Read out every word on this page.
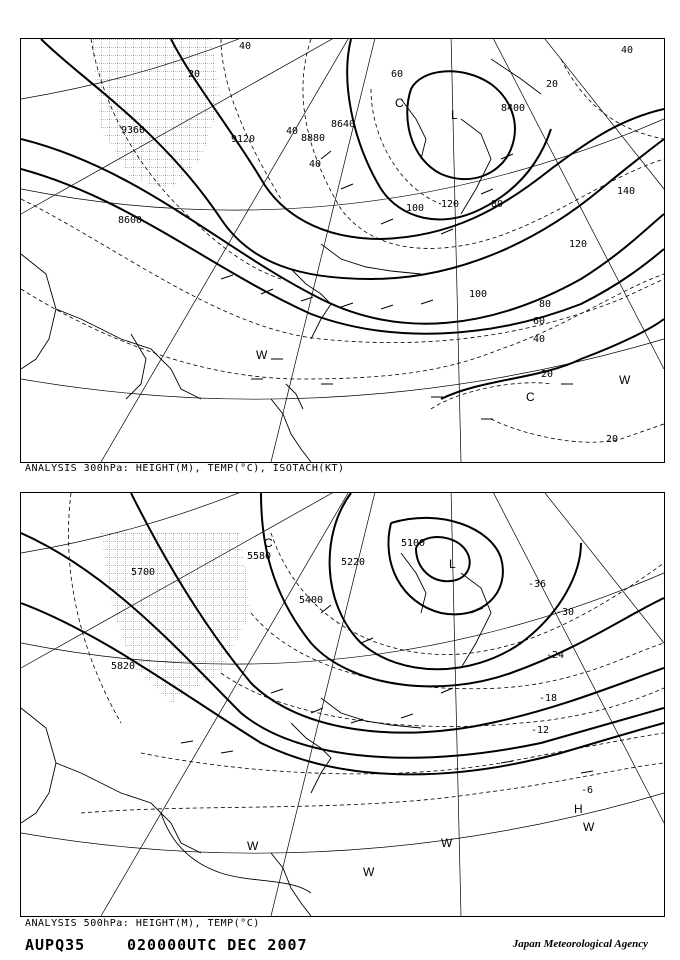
9360
9120	8880
8640
8400
8600
40
20
40
60
40
100 120	80
140
120
100
80
60
40
20
20
40
20
C
L
C
W
W
ANALYSIS 300hPa: HEIGHT(M), TEMP(°C), ISOTACH(KT)
5700
5580
5820
5400
5220
5100
-36
-30
-24
-18
-12
-6
C
L
H
W
W
W
W
ANALYSIS 500hPa: HEIGHT(M), TEMP(°C)
AUPQ35	020000UTC DEC 2007	Japan Meteorological Agency
